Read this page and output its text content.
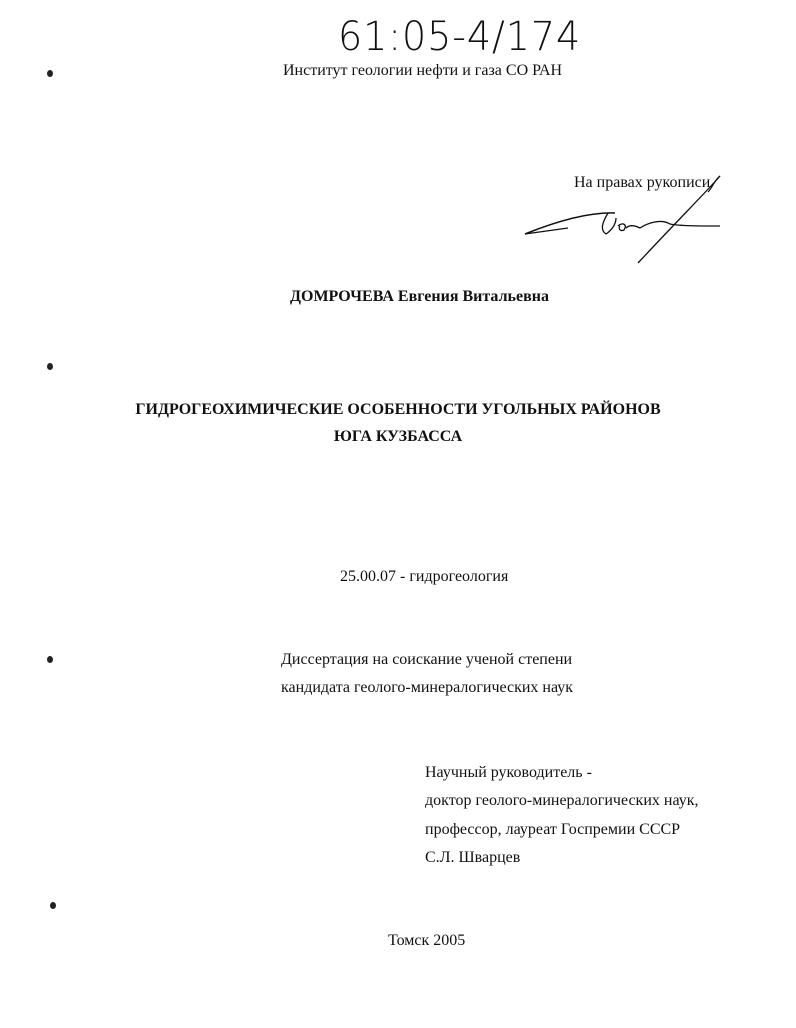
61:05-4/174
Институт геологии нефти и газа СО РАН
На правах рукописи
ДОМРОЧЕВА Евгения Витальевна
ГИДРОГЕОХИМИЧЕСКИЕ ОСОБЕННОСТИ УГОЛЬНЫХ РАЙОНОВ
ЮГА КУЗБАССА
25.00.07 - гидрогеология
Диссертация на соискание ученой степени
кандидата геолого-минералогических наук
Научный руководитель -
доктор геолого-минералогических наук,
профессор, лауреат Госпремии СССР
С.Л. Шварцев
Томск 2005
